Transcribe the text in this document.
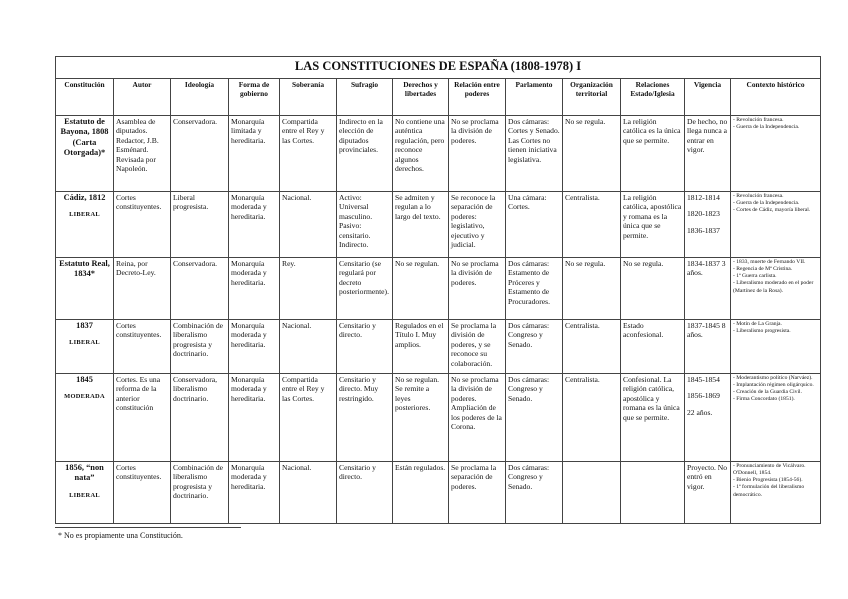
LAS CONSTITUCIONES DE ESPAÑA (1808-1978) I												
Constitución	Autor	Ideología	Forma de gobierno	Soberanía	Sufragio	Derechos y libertades	Relación entre poderes	Parlamento	Organización territorial	Relaciones Estado/Iglesia	Vigencia	Contexto histórico

Estatuto de Bayona, 1808 (Carta Otorgada)*	Asamblea de diputados. Redactor, J.B. Esménard. Revisada por Napoleón.	Conservadora.	Monarquía limitada y hereditaria.	Compartida entre el Rey y las Cortes.	Indirecto en la elección de diputados provinciales.	No contiene una auténtica regulación, pero reconoce algunos derechos.	No se proclama la división de poderes.	Dos cámaras: Cortes y Senado. Las Cortes no tienen iniciativa legislativa.	No se regula.	La religión católica es la única que se permite.	De hecho, no llega nunca a entrar en vigor.	- Revolución francesa.
- Guerra de la Independencia.

Cádiz, 1812
LIBERAL	Cortes constituyentes.	Liberal progresista.	Monarquía moderada y hereditaria.	Nacional.	Activo: Universal masculino. Pasivo: censitario. Indirecto.	Se admiten y regulan a lo largo del texto.	Se reconoce la separación de poderes: legislativo, ejecutivo y judicial.	Una cámara: Cortes.	Centralista.	La religión católica, apostólica y romana es la única que se permite.	1812-1814
1820-1823
1836-1837	- Revolución francesa.
- Guerra de la Independencia.
- Cortes de Cádiz, mayoría liberal.

Estatuto Real, 1834*	Reina, por Decreto-Ley.	Conservadora.	Monarquía moderada y hereditaria.	Rey.	Censitario (se regulará por decreto posteriormente).	No se regulan.	No se proclama la división de poderes.	Dos cámaras: Estamento de Próceres y Estamento de Procuradores.	No se regula.	No se regula.	1834-1837 3 años.	- 1833, muerte de Fernando VII.
- Regencia de Mª Cristina.
- 1ª Guerra carlista.
- Liberalismo moderado en el poder (Martínez de la Rosa).

1837
LIBERAL	Cortes constituyentes.	Combinación de liberalismo progresista y doctrinario.	Monarquía moderada y hereditaria.	Nacional.	Censitario y directo.	Regulados en el Título I. Muy amplios.	Se proclama la división de poderes, y se reconoce su colaboración.	Dos cámaras: Congreso y Senado.	Centralista.	Estado aconfesional.	1837-1845 8 años.	- Motín de La Granja.
- Liberalismo progresista.

1845
MODERADA	Cortes. Es una reforma de la anterior constitución	Conservadora, liberalismo doctrinario.	Monarquía moderada y hereditaria.	Compartida entre el Rey y las Cortes.	Censitario y directo. Muy restringido.	No se regulan. Se remite a leyes posteriores.	No se proclama la división de poderes. Ampliación de los poderes de la Corona.	Dos cámaras: Congreso y Senado.	Centralista.	Confesional. La religión católica, apostólica y romana es la única que se permite.	1845-1854
1856-1869
22 años.	- Moderantismo político (Narváez).
- Implantación régimen oligárquico.
- Creación de la Guardia Civil.
- Firma Concordato (1851).

1856, “non nata”
LIBERAL	Cortes constituyentes.	Combinación de liberalismo progresista y doctrinario.	Monarquía moderada y hereditaria.	Nacional.	Censitario y directo.	Están regulados.	Se proclama la separación de poderes.	Dos cámaras: Congreso y Senado.			Proyecto. No entró en vigor.	- Pronunciamiento de Vicálvaro. O'Donnell, 1854.
- Bienio Progresista (1854-56).
- 1ª formulación del liberalismo democrático.
* No es propiamente una Constitución.
